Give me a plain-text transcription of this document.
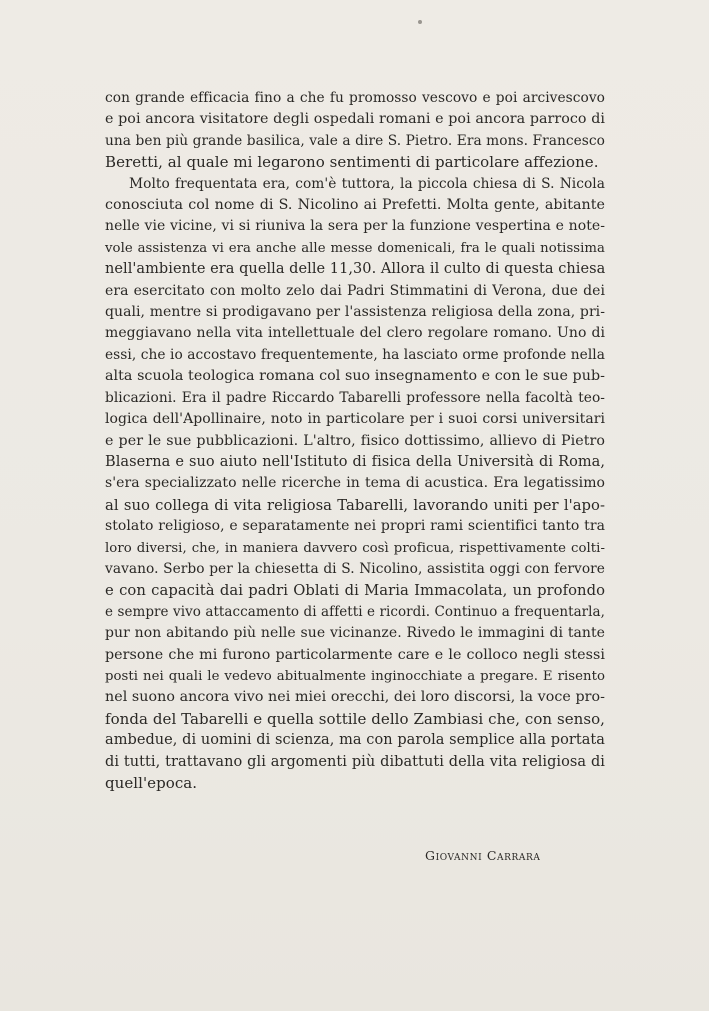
con grande efficacia fino a che fu promosso vescovo e poi arcivescovo
e poi ancora visitatore degli ospedali romani e poi ancora parroco di
una ben più grande basilica, vale a dire S. Pietro. Era mons. Francesco
Beretti, al quale mi legarono sentimenti di particolare affezione.
Molto frequentata era, com'è tuttora, la piccola chiesa di S. Nicola
conosciuta col nome di S. Nicolino ai Prefetti. Molta gente, abitante
nelle vie vicine, vi si riuniva la sera per la funzione vespertina e note-
vole assistenza vi era anche alle messe domenicali, fra le quali notissima
nell'ambiente era quella delle 11,30. Allora il culto di questa chiesa
era esercitato con molto zelo dai Padri Stimmatini di Verona, due dei
quali, mentre si prodigavano per l'assistenza religiosa della zona, pri-
meggiavano nella vita intellettuale del clero regolare romano. Uno di
essi, che io accostavo frequentemente, ha lasciato orme profonde nella
alta scuola teologica romana col suo insegnamento e con le sue pub-
blicazioni. Era il padre Riccardo Tabarelli professore nella facoltà teo-
logica dell'Apollinaire, noto in particolare per i suoi corsi universitari
e per le sue pubblicazioni. L'altro, fisico dottissimo, allievo di Pietro
Blaserna e suo aiuto nell'Istituto di fisica della Università di Roma,
s'era specializzato nelle ricerche in tema di acustica. Era legatissimo
al suo collega di vita religiosa Tabarelli, lavorando uniti per l'apo-
stolato religioso, e separatamente nei propri rami scientifici tanto tra
loro diversi, che, in maniera davvero così proficua, rispettivamente colti-
vavano. Serbo per la chiesetta di S. Nicolino, assistita oggi con fervore
e con capacità dai padri Oblati di Maria Immacolata, un profondo
e sempre vivo attaccamento di affetti e ricordi. Continuo a frequentarla,
pur non abitando più nelle sue vicinanze. Rivedo le immagini di tante
persone che mi furono particolarmente care e le colloco negli stessi
posti nei quali le vedevo abitualmente inginocchiate a pregare. E risento
nel suono ancora vivo nei miei orecchi, dei loro discorsi, la voce pro-
fonda del Tabarelli e quella sottile dello Zambiasi che, con senso,
ambedue, di uomini di scienza, ma con parola semplice alla portata
di tutti, trattavano gli argomenti più dibattuti della vita religiosa di
quell'epoca.
Giovanni Carrara
